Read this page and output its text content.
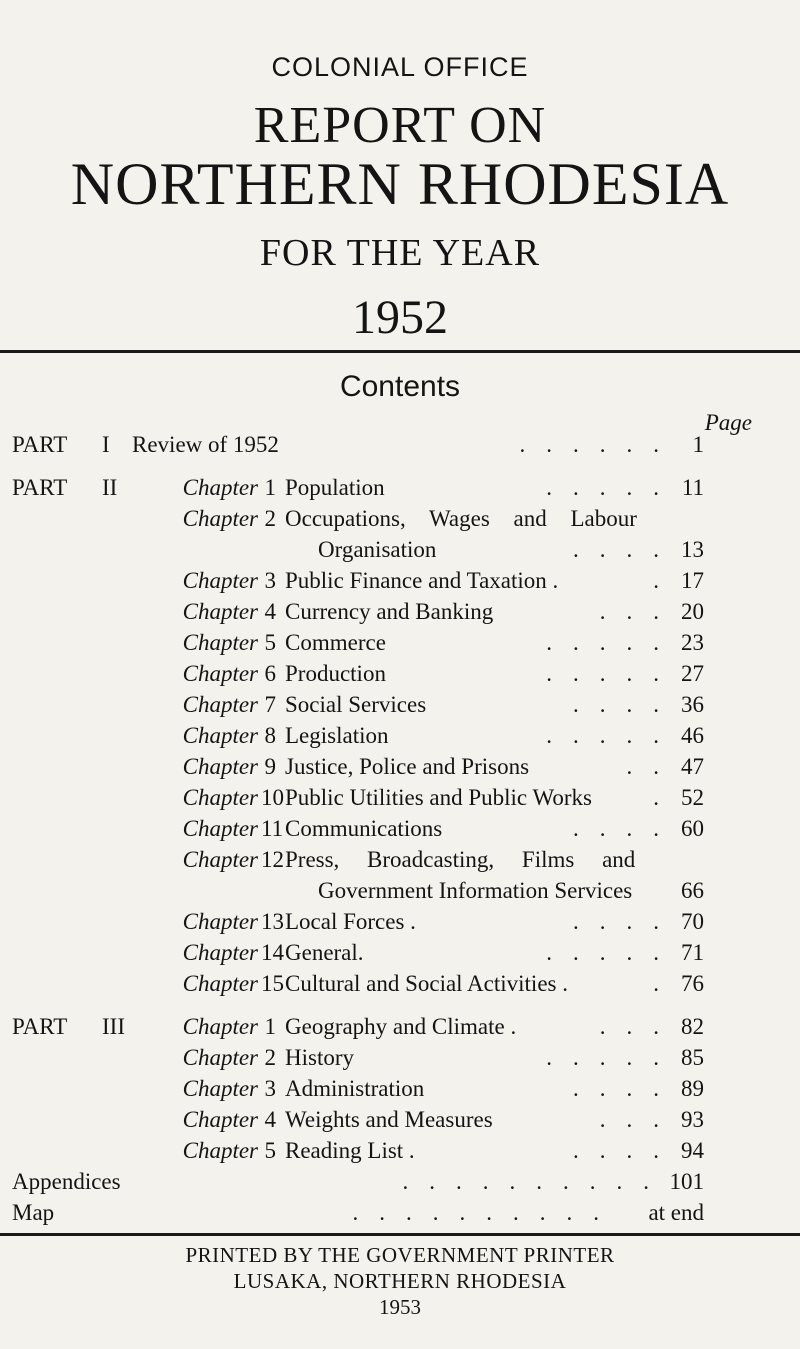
COLONIAL OFFICE
REPORT ON
NORTHERN RHODESIA
FOR THE YEAR
1952
Contents
Page
PART I Review of 1952	...... 1
PART II	Chapter 1 Population	..... 11
Chapter 2 Occupations, Wages and Labour
Organisation	.... 13
Chapter 3 Public Finance and Taxation .	. 17
Chapter 4 Currency and Banking	... 20
Chapter 5 Commerce	..... 23
Chapter 6 Production	..... 27
Chapter 7 Social Services	.... 36
Chapter 8 Legislation	..... 46
Chapter 9 Justice, Police and Prisons	.. 47
Chapter 10 Public Utilities and Public Works	. 52
Chapter 11 Communications	.... 60
Chapter 12 Press, Broadcasting, Films and
Government Information Services	66
Chapter 13 Local Forces .	.... 70
Chapter 14 General.	..... 71
Chapter 15 Cultural and Social Activities .	. 76
PART III	Chapter 1 Geography and Climate .	... 82
Chapter 2 History	..... 85
Chapter 3 Administration	.... 89
Chapter 4 Weights and Measures	... 93
Chapter 5 Reading List .	.... 94
PRINTED BY THE GOVERNMENT PRINTER
LUSAKA, NORTHERN RHODESIA
1953
Appendices	.......... 101
Map	..........	at end
